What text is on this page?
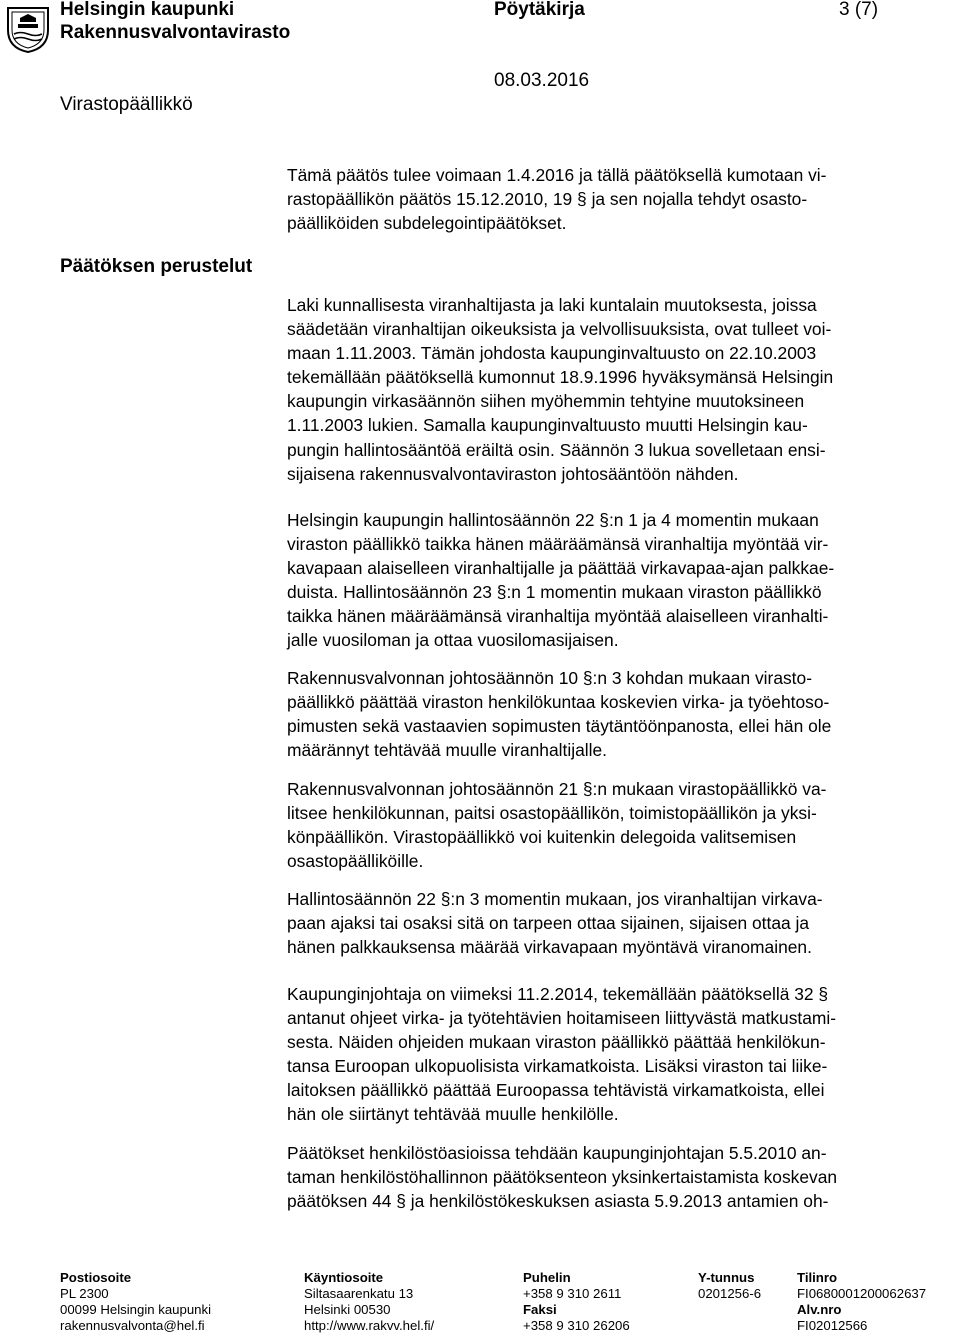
Helsingin kaupunki
Rakennusvalvontavirasto
Pöytäkirja	3 (7)
08.03.2016
Virastopäällikkö
Päätöksen perustelut
Tämä päätös tulee voimaan 1.4.2016 ja tällä päätöksellä kumotaan vi-
rastopäällikön päätös 15.12.2010, 19 § ja sen nojalla tehdyt osasto-
päälliköiden subdelegointipäätökset.
Laki kunnallisesta viranhaltijasta ja laki kuntalain muutoksesta, joissa
säädetään viranhaltijan oikeuksista ja velvollisuuksista, ovat tulleet voi-
maan 1.11.2003. Tämän johdosta kaupunginvaltuusto on 22.10.2003
tekemällään päätöksellä kumonnut 18.9.1996 hyväksymänsä Helsingin
kaupungin virkasäännön siihen myöhemmin tehtyine muutoksineen
1.11.2003 lukien. Samalla kaupunginvaltuusto muutti Helsingin kau-
pungin hallintosääntöä eräiltä osin. Säännön 3 lukua sovelletaan ensi-
sijaisena rakennusvalvontaviraston johtosääntöön nähden.
Helsingin kaupungin hallintosäännön 22 §:n 1 ja 4 momentin mukaan
viraston päällikkö taikka hänen määräämänsä viranhaltija myöntää vir-
kavapaan alaiselleen viranhaltijalle ja päättää virkavapaa-ajan palkkae-
duista. Hallintosäännön 23 §:n 1 momentin mukaan viraston päällikkö
taikka hänen määräämänsä viranhaltija myöntää alaiselleen viranhalti-
jalle vuosiloman ja ottaa vuosilomasijaisen.
Rakennusvalvonnan johtosäännön 10 §:n 3 kohdan mukaan virasto-
päällikkö päättää viraston henkilökuntaa koskevien virka- ja työehtoso-
pimusten sekä vastaavien sopimusten täytäntöönpanosta, ellei hän ole
määrännyt tehtävää muulle viranhaltijalle.
Rakennusvalvonnan johtosäännön 21 §:n mukaan virastopäällikkö va-
litsee henkilökunnan, paitsi osastopäällikön, toimistopäällikön ja yksi-
könpäällikön. Virastopäällikkö voi kuitenkin delegoida valitsemisen
osastopäälliköille.
Hallintosäännön 22 §:n 3 momentin mukaan, jos viranhaltijan virkava-
paan ajaksi tai osaksi sitä on tarpeen ottaa sijainen, sijaisen ottaa ja
hänen palkkauksensa määrää virkavapaan myöntävä viranomainen.
Kaupunginjohtaja on viimeksi 11.2.2014, tekemällään päätöksellä 32 §
antanut ohjeet virka- ja työtehtävien hoitamiseen liittyvästä matkustami-
sesta. Näiden ohjeiden mukaan viraston päällikkö päättää henkilökun-
tansa Euroopan ulkopuolisista virkamatkoista. Lisäksi viraston tai liike-
laitoksen päällikkö päättää Euroopassa tehtävistä virkamatkoista, ellei
hän ole siirtänyt tehtävää muulle henkilölle.
Päätökset henkilöstöasioissa tehdään kaupunginjohtajan 5.5.2010 an-
taman henkilöstöhallinnon päätöksenteon yksinkertaistamista koskevan
päätöksen 44 § ja henkilöstökeskuksen asiasta 5.9.2013 antamien oh-
Postiosoite
PL 2300
00099 Helsingin kaupunki
rakennusvalvonta@hel.fi
Käyntiosoite
Siltasaarenkatu 13
Helsinki 00530
http://www.rakvv.hel.fi/
Puhelin
+358 9 310 2611
Faksi
+358 9 310 26206
Y-tunnus
0201256-6
Tilinro
FI0680001200062637
Alv.nro
FI02012566
